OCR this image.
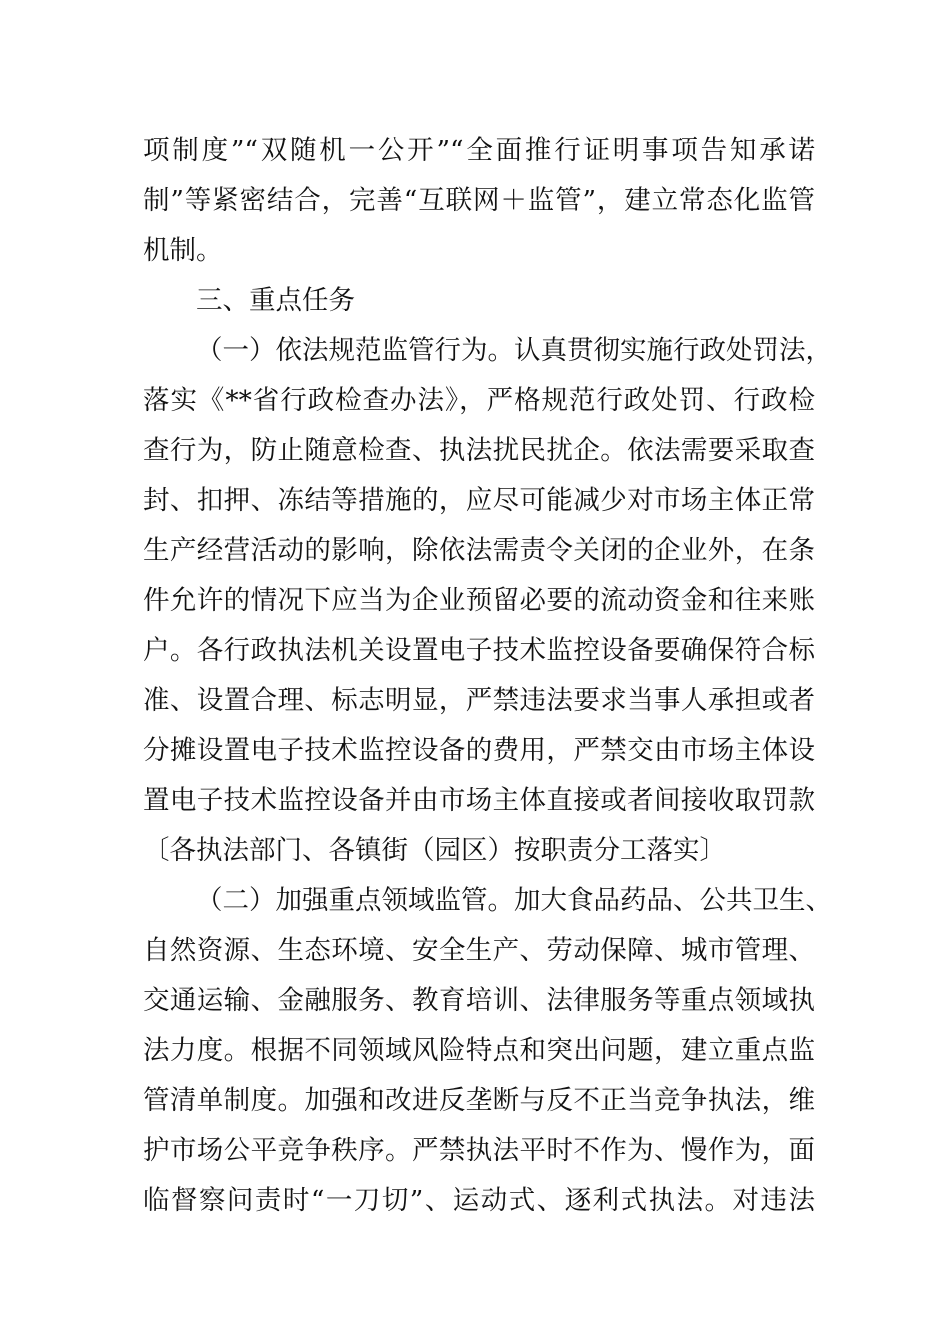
项制度”“双随机一公开”“全面推行证明事项告知承诺
制”等紧密结合，完善“互联网＋监管”，建立常态化监管
机制。
三、重点任务
（一）依法规范监管行为。认真贯彻实施行政处罚法，
落实《**省行政检查办法》，严格规范行政处罚、行政检
查行为，防止随意检查、执法扰民扰企。依法需要采取查
封、扣押、冻结等措施的，应尽可能减少对市场主体正常
生产经营活动的影响，除依法需责令关闭的企业外，在条
件允许的情况下应当为企业预留必要的流动资金和往来账
户。各行政执法机关设置电子技术监控设备要确保符合标
准、设置合理、标志明显，严禁违法要求当事人承担或者
分摊设置电子技术监控设备的费用，严禁交由市场主体设
置电子技术监控设备并由市场主体直接或者间接收取罚款
〔各执法部门、各镇街（园区）按职责分工落实〕
（二）加强重点领域监管。加大食品药品、公共卫生、
自然资源、生态环境、安全生产、劳动保障、城市管理、
交通运输、金融服务、教育培训、法律服务等重点领域执
法力度。根据不同领域风险特点和突出问题，建立重点监
管清单制度。加强和改进反垄断与反不正当竞争执法，维
护市场公平竞争秩序。严禁执法平时不作为、慢作为，面
临督察问责时“一刀切”、运动式、逐利式执法。对违法
